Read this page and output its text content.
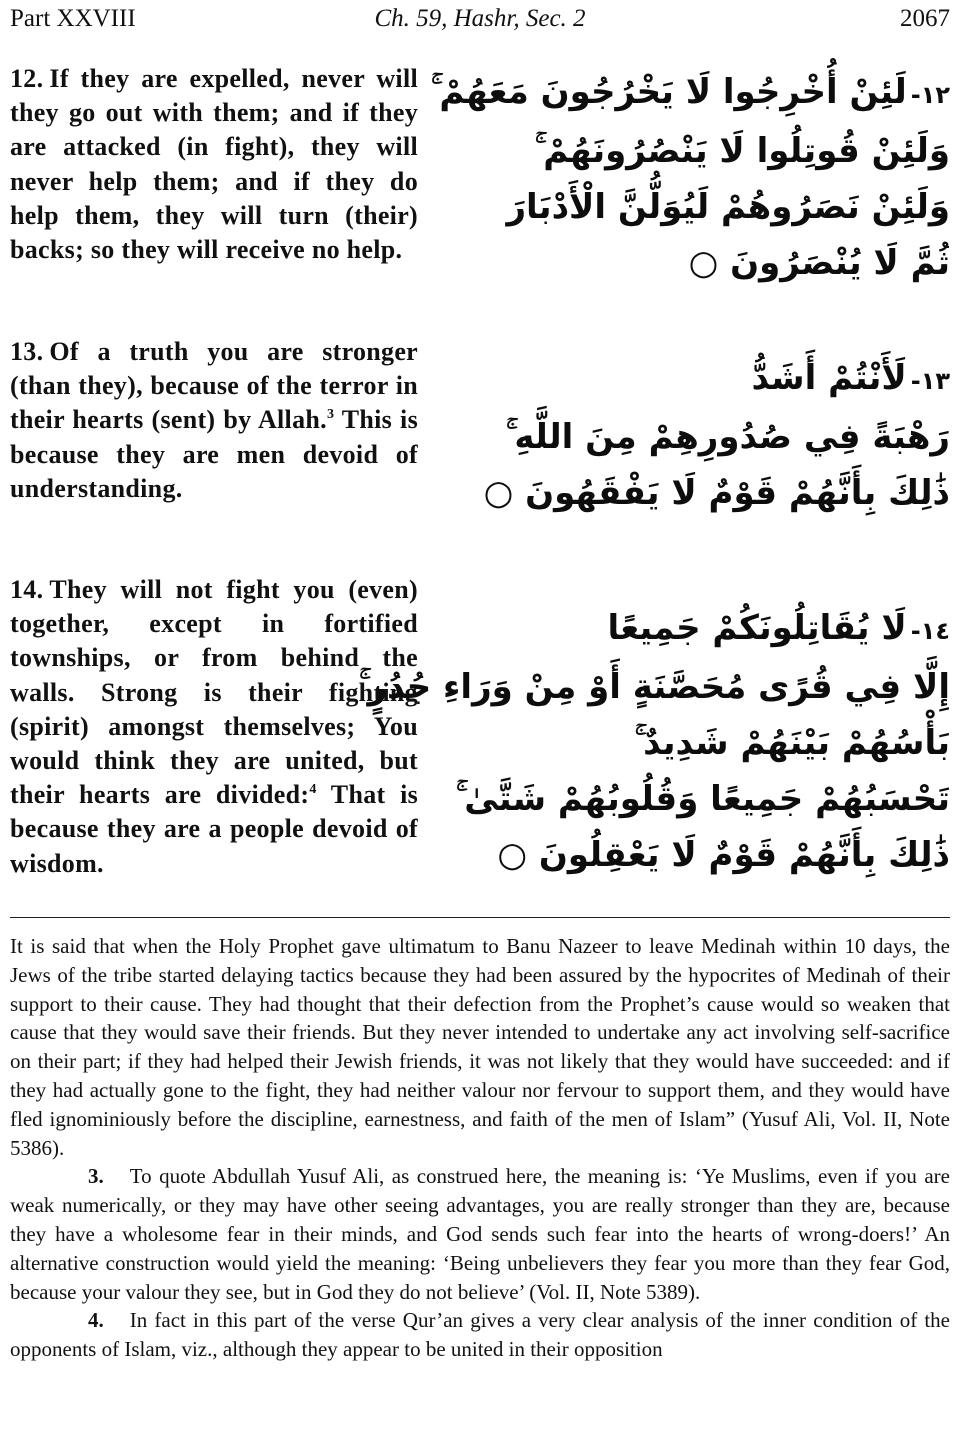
Part XXVIII	Ch. 59, Hashr, Sec. 2	2067
12. If they are expelled, never will they go out with them; and if they are attacked (in fight), they will never help them; and if they do help them, they will turn (their) backs; so they will receive no help.
١٢-لَئِنْ أُخْرِجُوا لَا يَخْرُجُونَ مَعَهُمْ ۚ
وَلَئِنْ قُوتِلُوا لَا يَنْصُرُونَهُمْ ۚ
وَلَئِنْ نَصَرُوهُمْ لَيُوَلُّنَّ الْأَدْبَارَ
ثُمَّ لَا يُنْصَرُونَ ○
13. Of a truth you are stronger (than they), because of the terror in their hearts (sent) by Allah.$^3$ This is because they are men devoid of understanding.
١٣-لَأَنْتُمْ أَشَدُّ
رَهْبَةً فِي صُدُورِهِمْ مِنَ اللَّهِ ۚ
ذَٰلِكَ بِأَنَّهُمْ قَوْمٌ لَا يَفْقَهُونَ ○
14. They will not fight you (even) together, except in fortified townships, or from behind the walls. Strong is their fighting (spirit) amongst themselves; You would think they are united, but their hearts are divided:$^4$ That is because they are a people devoid of wisdom.
١٤-لَا يُقَاتِلُونَكُمْ جَمِيعًا
إِلَّا فِي قُرًى مُحَصَّنَةٍ أَوْ مِنْ وَرَاءِ جُدُرٍ ۚ
بَأْسُهُمْ بَيْنَهُمْ شَدِيدٌ ۚ
تَحْسَبُهُمْ جَمِيعًا وَقُلُوبُهُمْ شَتَّىٰ ۚ
ذَٰلِكَ بِأَنَّهُمْ قَوْمٌ لَا يَعْقِلُونَ ○

It is said that when the Holy Prophet gave ultimatum to Banu Nazeer to leave Medinah within 10 days, the Jews of the tribe started delaying tactics because they had been assured by the hypocrites of Medinah of their support to their cause. They had thought that their defection from the Prophet’s cause would so weaken that cause that they would save their friends. But they never intended to undertake any act involving self-sacrifice on their part; if they had helped their Jewish friends, it was not likely that they would have succeeded: and if they had actually gone to the fight, they had neither valour nor fervour to support them, and they would have fled ignominiously before the discipline, earnestness, and faith of the men of Islam” (Yusuf Ali, Vol. II, Note 5386).

3. To quote Abdullah Yusuf Ali, as construed here, the meaning is: ‘Ye Muslims, even if you are weak numerically, or they may have other seeing advantages, you are really stronger than they are, because they have a wholesome fear in their minds, and God sends such fear into the hearts of wrong-doers!’ An alternative construction would yield the meaning: ‘Being unbelievers they fear you more than they fear God, because your valour they see, but in God they do not believe’ (Vol. II, Note 5389).

4. In fact in this part of the verse Qur’an gives a very clear analysis of the inner condition of the opponents of Islam, viz., although they appear to be united in their opposition
